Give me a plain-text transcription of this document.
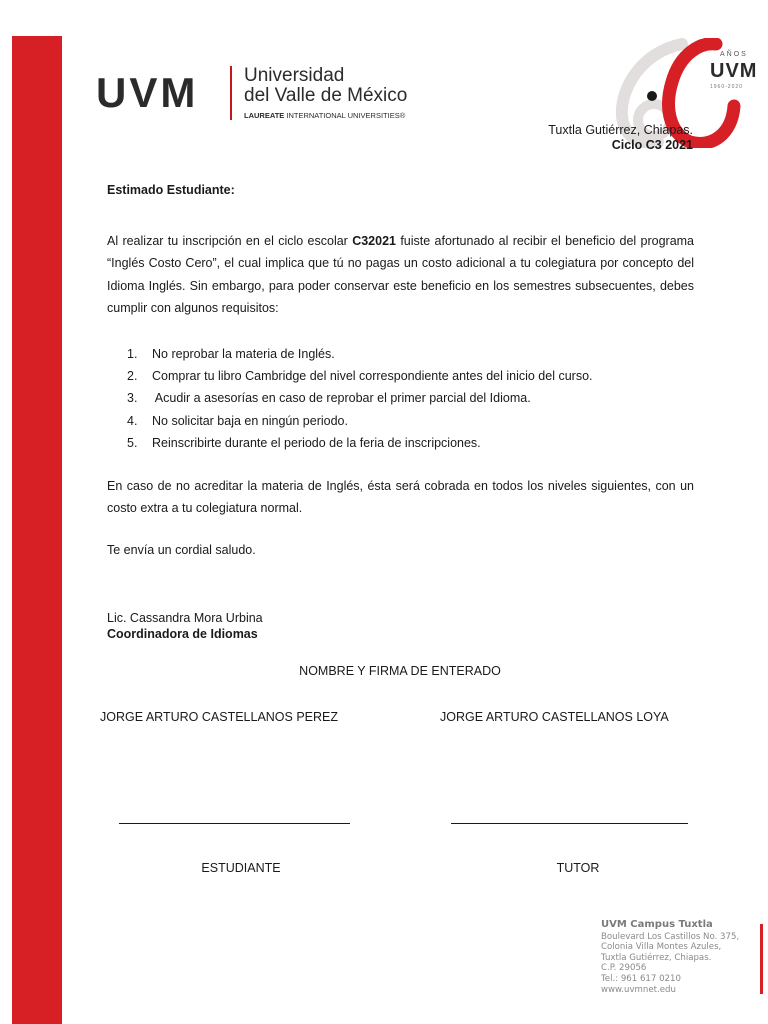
UVM Universidad
del Valle de México
LAUREATE INTERNATIONAL UNIVERSITIES®
AÑOS
UVM
1960-2020
Tuxtla Gutiérrez, Chiapas.
Ciclo C3 2021
Estimado Estudiante:
Al realizar tu inscripción en el ciclo escolar C32021 fuiste afortunado al recibir el beneficio del programa “Inglés Costo Cero”, el cual implica que tú no pagas un costo adicional a tu colegiatura por concepto del Idioma Inglés. Sin embargo, para poder conservar este beneficio en los semestres subsecuentes, debes cumplir con algunos requisitos:
1. No reprobar la materia de Inglés.
2. Comprar tu libro Cambridge del nivel correspondiente antes del inicio del curso.
3. Acudir a asesorías en caso de reprobar el primer parcial del Idioma.
4. No solicitar baja en ningún periodo.
5. Reinscribirte durante el periodo de la feria de inscripciones.
En caso de no acreditar la materia de Inglés, ésta será cobrada en todos los niveles siguientes, con un costo extra a tu colegiatura normal.
Te envía un cordial saludo.
Lic. Cassandra Mora Urbina
Coordinadora de Idiomas
NOMBRE Y FIRMA DE ENTERADO
JORGE ARTURO CASTELLANOS PEREZ	JORGE ARTURO CASTELLANOS LOYA
ESTUDIANTE	TUTOR
UVM Campus Tuxtla
Boulevard Los Castillos No. 375,
Colonia Villa Montes Azules,
Tuxtla Gutiérrez, Chiapas.
C.P. 29056
Tel.: 961 617 0210
www.uvmnet.edu
